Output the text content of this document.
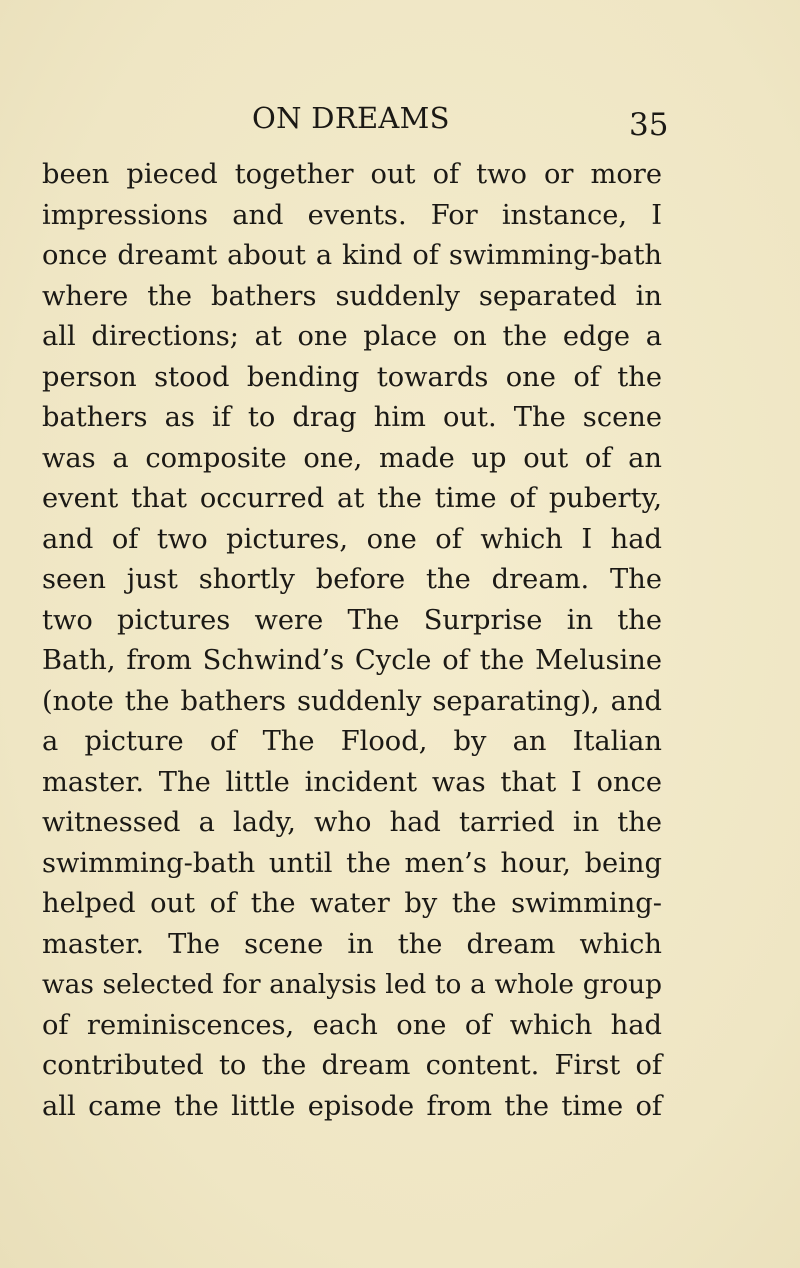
ON DREAMS	35
been pieced together out of two or more
impressions and events. For instance, I
once dreamt about a kind of swimming-bath
where the bathers suddenly separated in
all directions; at one place on the edge a
person stood bending towards one of the
bathers as if to drag him out. The scene
was a composite one, made up out of an
event that occurred at the time of puberty,
and of two pictures, one of which I had
seen just shortly before the dream. The
two pictures were The Surprise in the
Bath, from Schwind’s Cycle of the Melusine
(note the bathers suddenly separating), and
a picture of The Flood, by an Italian
master. The little incident was that I once
witnessed a lady, who had tarried in the
swimming-bath until the men’s hour, being
helped out of the water by the swimming-
master. The scene in the dream which
was selected for analysis led to a whole group
of reminiscences, each one of which had
contributed to the dream content. First of
all came the little episode from the time of
